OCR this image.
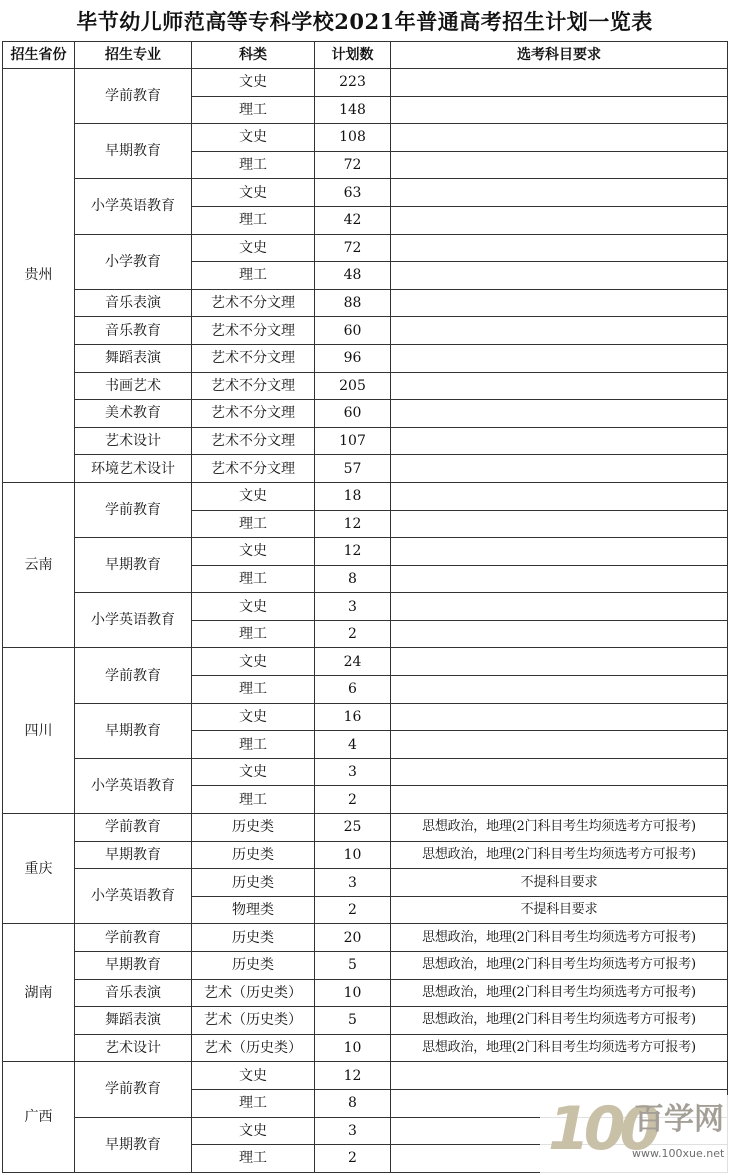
毕节幼儿师范高等专科学校2021年普通高考招生计划一览表
招生省份	招生专业	科类	计划数	选考科目要求
贵州	学前教育	文史	223	
		理工	148	
	早期教育	文史	108	
		理工	72	
	小学英语教育	文史	63	
		理工	42	
	小学教育	文史	72	
		理工	48	
	音乐表演	艺术不分文理	88	
	音乐教育	艺术不分文理	60	
	舞蹈表演	艺术不分文理	96	
	书画艺术	艺术不分文理	205	
	美术教育	艺术不分文理	60	
	艺术设计	艺术不分文理	107	
	环境艺术设计	艺术不分文理	57	
云南	学前教育	文史	18	
		理工	12	
	早期教育	文史	12	
		理工	8	
	小学英语教育	文史	3	
		理工	2	
四川	学前教育	文史	24	
		理工	6	
	早期教育	文史	16	
		理工	4	
	小学英语教育	文史	3	
		理工	2	
重庆	学前教育	历史类	25	思想政治，地理(2门科目考生均须选考方可报考)
	早期教育	历史类	10	思想政治，地理(2门科目考生均须选考方可报考)
	小学英语教育	历史类	3	不提科目要求
		物理类	2	不提科目要求
湖南	学前教育	历史类	20	思想政治，地理(2门科目考生均须选考方可报考)
	早期教育	历史类	5	思想政治，地理(2门科目考生均须选考方可报考)
	音乐表演	艺术（历史类）	10	思想政治，地理(2门科目考生均须选考方可报考)
	舞蹈表演	艺术（历史类）	5	思想政治，地理(2门科目考生均须选考方可报考)
	艺术设计	艺术（历史类）	10	思想政治，地理(2门科目考生均须选考方可报考)
广西	学前教育	文史	12	
		理工	8	
	早期教育	文史	3	
		理工	2		100
百学网
www.100xue.net
